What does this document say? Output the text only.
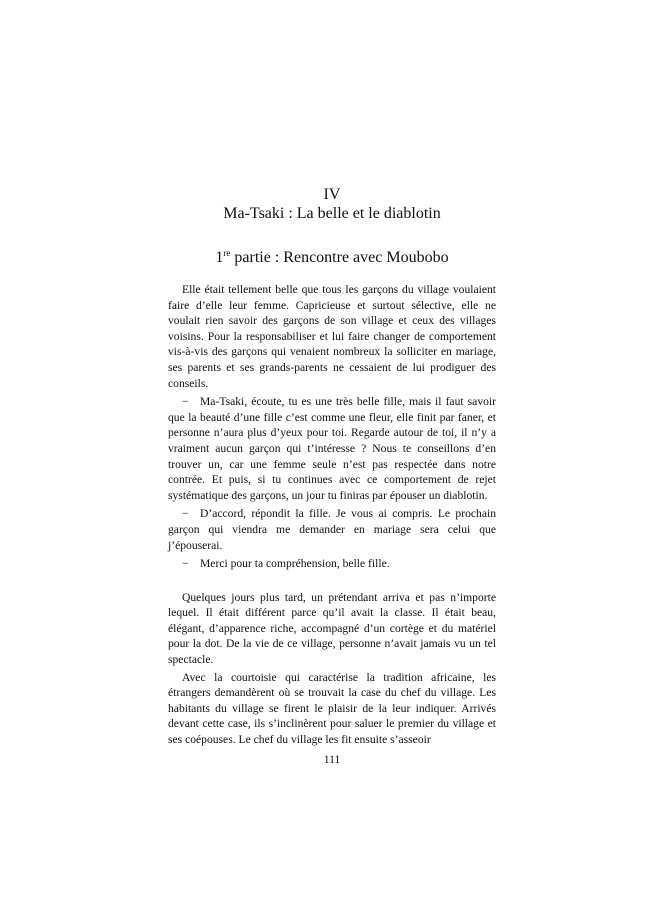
IV

Ma-Tsaki : La belle et le diablotin

1re partie : Rencontre avec Moubobo

Elle était tellement belle que tous les garçons du village voulaient faire d’elle leur femme. Capricieuse et surtout sélective, elle ne voulait rien savoir des garçons de son village et ceux des villages voisins. Pour la responsabiliser et lui faire changer de comportement vis-à-vis des garçons qui venaient nombreux la solliciter en mariage, ses parents et ses grands-parents ne cessaient de lui prodiguer des conseils.

− Ma-Tsaki, écoute, tu es une très belle fille, mais il faut savoir que la beauté d’une fille c’est comme une fleur, elle finit par faner, et personne n’aura plus d’yeux pour toi. Regarde autour de toi, il n’y a vraiment aucun garçon qui t’intéresse ? Nous te conseillons d’en trouver un, car une femme seule n’est pas respectée dans notre contrée. Et puis, si tu continues avec ce comportement de rejet systématique des garçons, un jour tu finiras par épouser un diablotin.

− D’accord, répondit la fille. Je vous ai compris. Le prochain garçon qui viendra me demander en mariage sera celui que j’épouserai.

− Merci pour ta compréhension, belle fille.

Quelques jours plus tard, un prétendant arriva et pas n’importe lequel. Il était différent parce qu’il avait la classe. Il était beau, élégant, d’apparence riche, accompagné d’un cortège et du matériel pour la dot. De la vie de ce village, personne n’avait jamais vu un tel spectacle.

Avec la courtoisie qui caractérise la tradition africaine, les étrangers demandèrent où se trouvait la case du chef du village. Les habitants du village se firent le plaisir de la leur indiquer. Arrivés devant cette case, ils s’inclinèrent pour saluer le premier du village et ses coépouses. Le chef du village les fit ensuite s’asseoir

111
